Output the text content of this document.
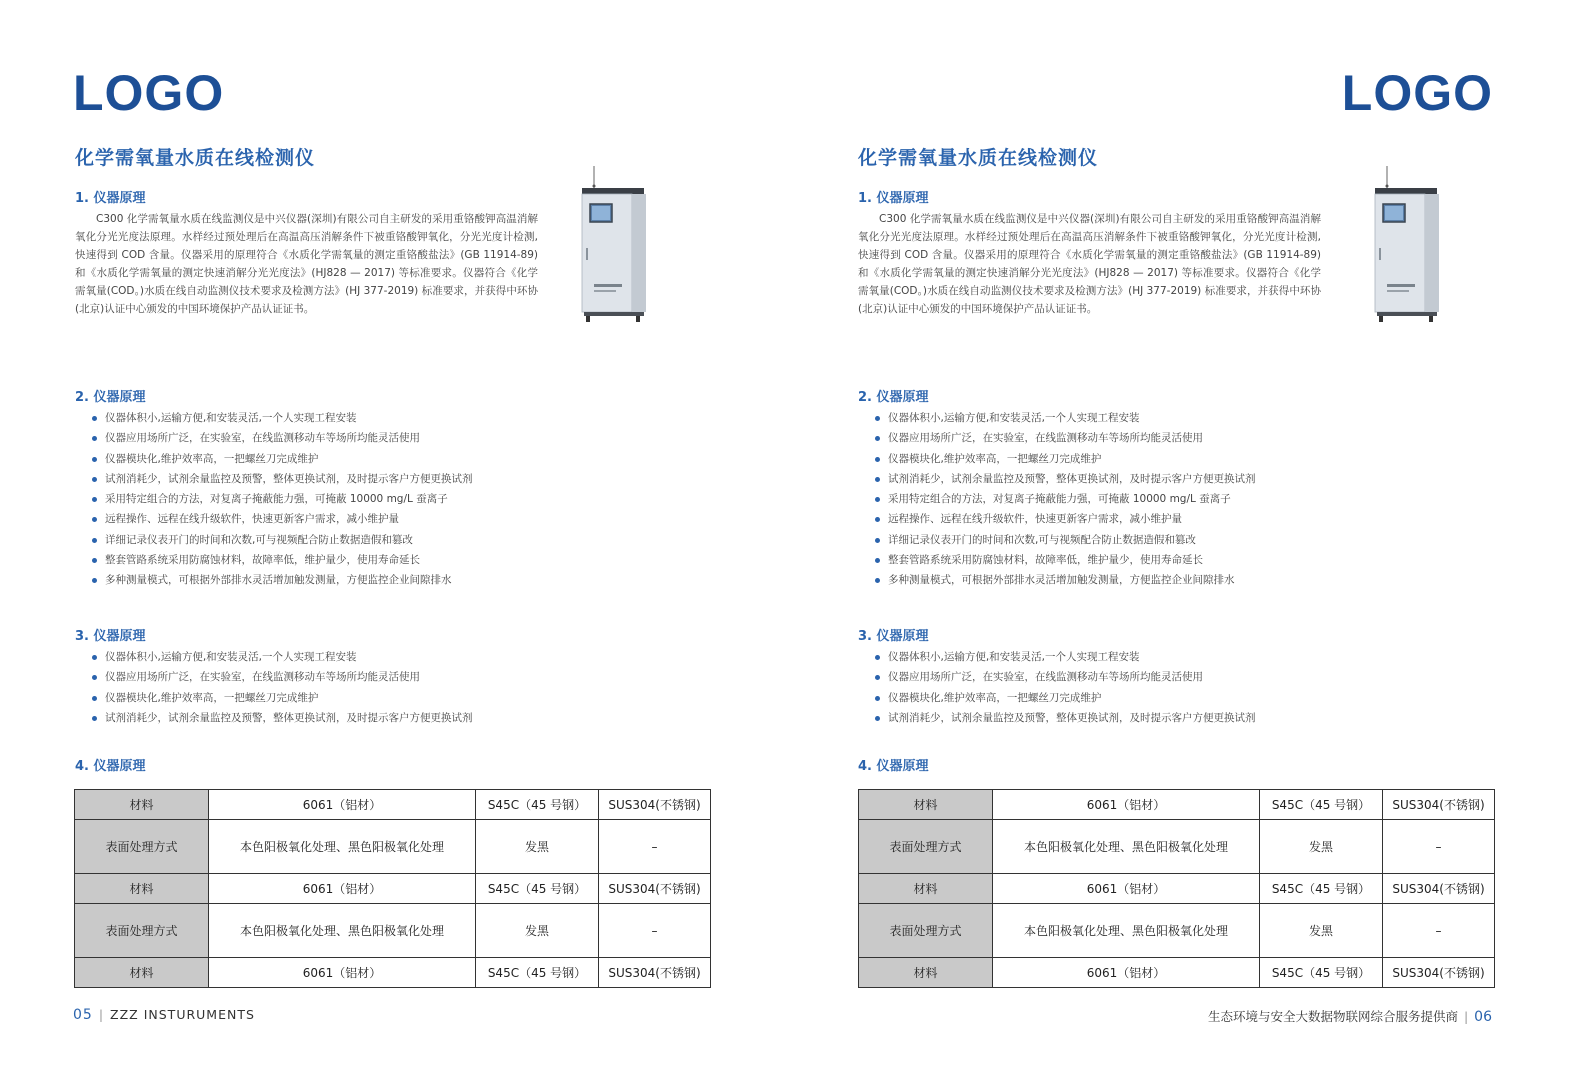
LOGO
化学需氧量水质在线检测仪
1. 仪器原理

C300 化学需氧量水质在线监测仪是中兴仪器(深圳)有限公司自主研发的采用重铬酸钾高温消解氧化分光光度法原理。水样经过预处理后在高温高压消解条件下被重铬酸钾氧化，分光光度计检测,快速得到 COD 含量。仪器采用的原理符合《水质化学需氧量的测定重铬酸盐法》(GB 11914-89)和《水质化学需氧量的测定快速消解分光光度法》(HJ828 — 2017) 等标准要求。仪器符合《化学需氧量(COD。)水质在线自动监测仪技术要求及检测方法》(HJ 377-2019) 标准要求，并获得中环协(北京)认证中心颁发的中国环境保护产品认证证书。

2. 仪器原理
仪器体积小,运输方便,和安装灵活,一个人实现工程安装
仪器应用场所广泛，在实验室，在线监测移动车等场所均能灵活使用
仪器模块化,维护效率高，一把螺丝刀完成维护
试剂消耗少，试剂余量监控及预警，整体更换试剂，及时提示客户方便更换试剂
采用特定组合的方法，对复离子掩蔽能力强，可掩蔽 10000 mg/L 蚕离子
远程操作、远程在线升级软件，快速更新客户需求，减小维护量
详细记录仪表开门的时间和次数,可与视频配合防止数据造假和篡改
整套管路系统采用防腐蚀材料，故障率低，维护量少，使用寿命延长
多种测量模式，可根据外部排水灵活增加触发测量，方便监控企业间隙排水
3. 仪器原理
仪器体积小,运输方便,和安装灵活,一个人实现工程安装
仪器应用场所广泛，在实验室，在线监测移动车等场所均能灵活使用
仪器模块化,维护效率高，一把螺丝刀完成维护
试剂消耗少，试剂余量监控及预警，整体更换试剂，及时提示客户方便更换试剂
4. 仪器原理
材料	6061（铝材）	S45C（45 号钢）	SUS304(不锈钢)
表面处理方式	本色阳极氧化处理、黑色阳极氧化处理	发黑	–
材料	6061（铝材）	S45C（45 号钢）	SUS304(不锈钢)
表面处理方式	本色阳极氧化处理、黑色阳极氧化处理	发黑	–
材料	6061（铝材）	S45C（45 号钢）	SUS304(不锈钢)
05 | ZZZ INSTURUMENTS
LOGO
化学需氧量水质在线检测仪
1. 仪器原理

C300 化学需氧量水质在线监测仪是中兴仪器(深圳)有限公司自主研发的采用重铬酸钾高温消解氧化分光光度法原理。水样经过预处理后在高温高压消解条件下被重铬酸钾氧化，分光光度计检测,快速得到 COD 含量。仪器采用的原理符合《水质化学需氧量的测定重铬酸盐法》(GB 11914-89)和《水质化学需氧量的测定快速消解分光光度法》(HJ828 — 2017) 等标准要求。仪器符合《化学需氧量(COD。)水质在线自动监测仪技术要求及检测方法》(HJ 377-2019) 标准要求，并获得中环协(北京)认证中心颁发的中国环境保护产品认证证书。

2. 仪器原理
仪器体积小,运输方便,和安装灵活,一个人实现工程安装
仪器应用场所广泛，在实验室，在线监测移动车等场所均能灵活使用
仪器模块化,维护效率高，一把螺丝刀完成维护
试剂消耗少，试剂余量监控及预警，整体更换试剂，及时提示客户方便更换试剂
采用特定组合的方法，对复离子掩蔽能力强，可掩蔽 10000 mg/L 蚕离子
远程操作、远程在线升级软件，快速更新客户需求，减小维护量
详细记录仪表开门的时间和次数,可与视频配合防止数据造假和篡改
整套管路系统采用防腐蚀材料，故障率低，维护量少，使用寿命延长
多种测量模式，可根据外部排水灵活增加触发测量，方便监控企业间隙排水
3. 仪器原理
仪器体积小,运输方便,和安装灵活,一个人实现工程安装
仪器应用场所广泛，在实验室，在线监测移动车等场所均能灵活使用
仪器模块化,维护效率高，一把螺丝刀完成维护
试剂消耗少，试剂余量监控及预警，整体更换试剂，及时提示客户方便更换试剂
4. 仪器原理
材料	6061（铝材）	S45C（45 号钢）	SUS304(不锈钢)
表面处理方式	本色阳极氧化处理、黑色阳极氧化处理	发黑	–
材料	6061（铝材）	S45C（45 号钢）	SUS304(不锈钢)
表面处理方式	本色阳极氧化处理、黑色阳极氧化处理	发黑	–
材料	6061（铝材）	S45C（45 号钢）	SUS304(不锈钢)
生态环境与安全大数据物联网综合服务提供商 | 06
